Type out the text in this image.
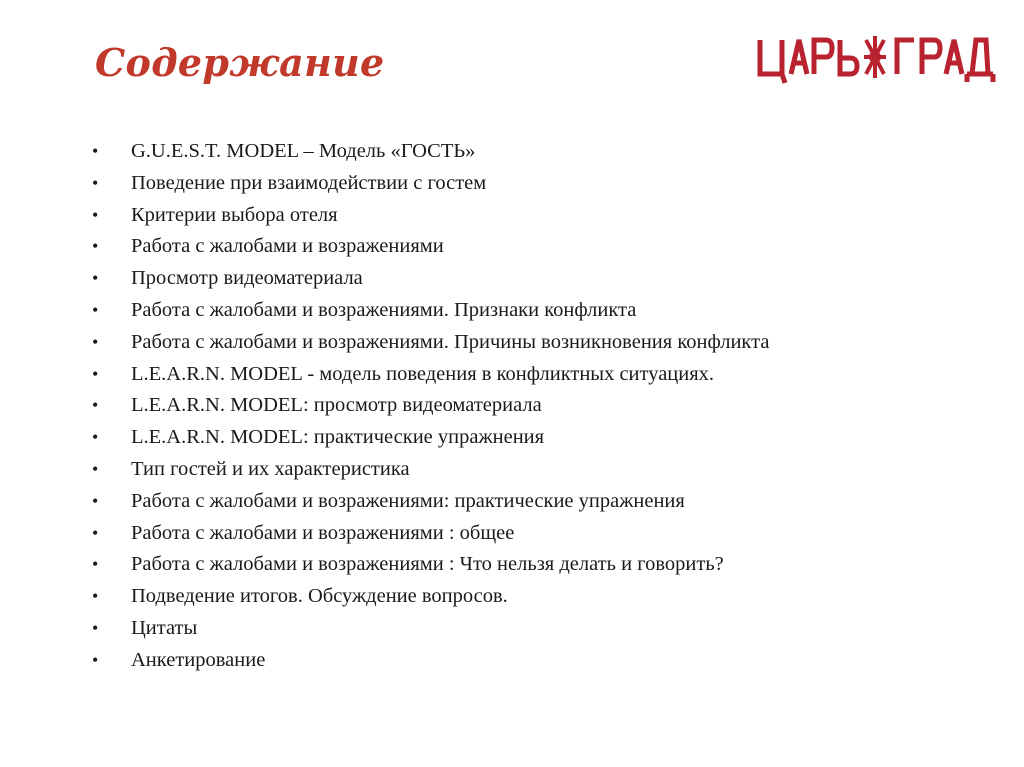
Содержание
• G.U.E.S.T. MODEL – Модель «ГОСТЬ»
• Поведение при взаимодействии с гостем
• Критерии выбора отеля
• Работа с жалобами и возражениями
• Просмотр видеоматериала
• Работа с жалобами и возражениями. Признаки конфликта
• Работа с жалобами и возражениями. Причины возникновения конфликта
• L.E.A.R.N. MODEL - модель поведения в конфликтных ситуациях.
• L.E.A.R.N. MODEL: просмотр видеоматериала
• L.E.A.R.N. MODEL: практические упражнения
• Тип гостей и их характеристика
• Работа с жалобами и возражениями: практические упражнения
• Работа с жалобами и возражениями : общее
• Работа с жалобами и возражениями : Что нельзя делать и говорить?
• Подведение итогов. Обсуждение вопросов.
• Цитаты
• Анкетирование
